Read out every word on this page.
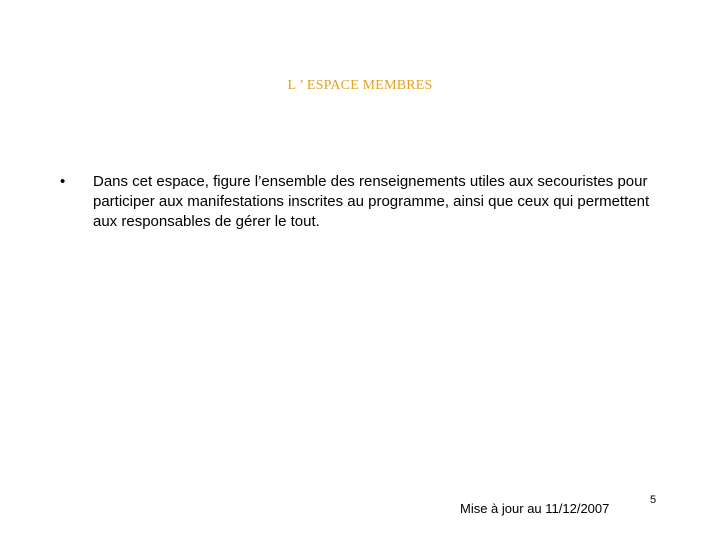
L ’ ESPACE MEMBRES
• Dans cet espace, figure l’ensemble des renseignements utiles aux secouristes pour participer aux manifestations inscrites au programme, ainsi que ceux qui permettent aux responsables de gérer le tout.
Mise à jour au 11/12/2007
5
